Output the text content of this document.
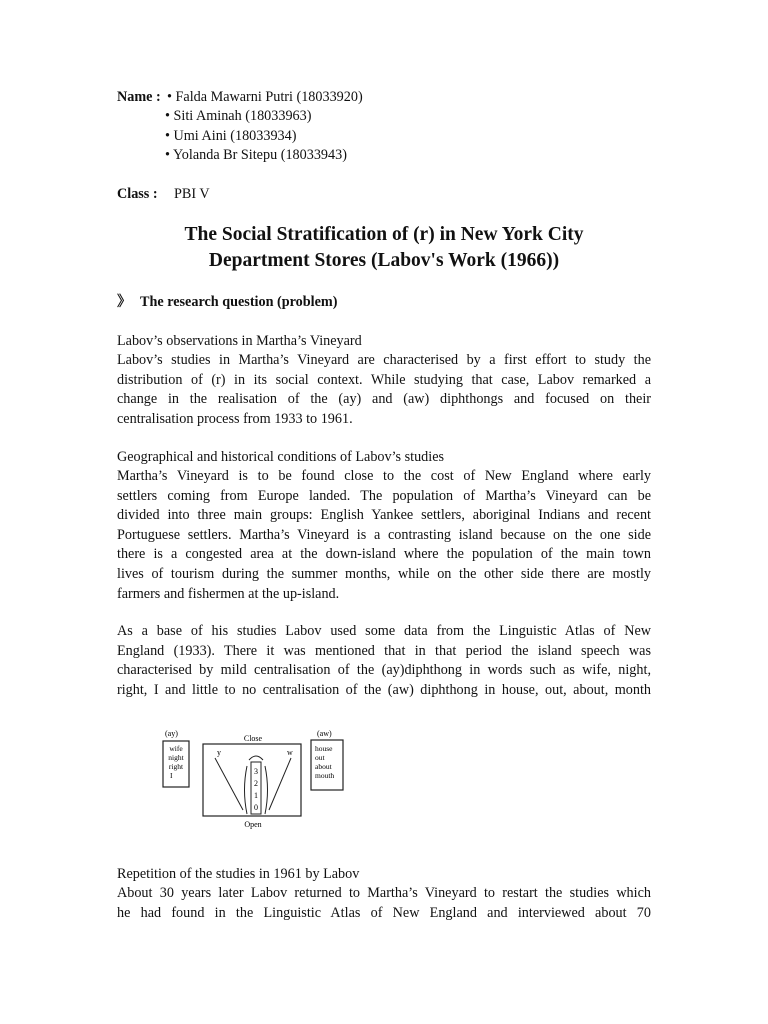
Name : • Falda Mawarni Putri (18033920)
• Siti Aminah (18033963)
• Umi Aini (18033934)
• Yolanda Br Sitepu (18033943)
Class : PBI V
The Social Stratification of (r) in New York City
Department Stores (Labov's Work (1966))
》 The research question (problem)
Labov’s observations in Martha’s Vineyard
Labov’s studies in Martha’s Vineyard are characterised by a first effort to study the
distribution of (r) in its social context. While studying that case, Labov remarked a
change in the realisation of the (ay) and (aw) diphthongs and focused on their
centralisation process from 1933 to 1961.
Geographical and historical conditions of Labov’s studies
Martha’s Vineyard is to be found close to the cost of New England where early
settlers coming from Europe landed. The population of Martha’s Vineyard can be
divided into three main groups: English Yankee settlers, aboriginal Indians and recent
Portuguese settlers. Martha’s Vineyard is a contrasting island because on the one side
there is a congested area at the down-island where the population of the main town
lives of tourism during the summer months, while on the other side there are mostly
farmers and fishermen at the up-island.
As a base of his studies Labov used some data from the Linguistic Atlas of New
England (1933). There it was mentioned that in that period the island speech was
characterised by mild centralisation of the (ay)diphthong in words such as wife, night,
right, I and little to no centralisation of the (aw) diphthong in house, out, about, month
(ay)
wife
night
right
I
Close
y	w
3
2
1
0
Open
(aw)
house
out
about
mouth
Repetition of the studies in 1961 by Labov
About 30 years later Labov returned to Martha’s Vineyard to restart the studies which
he had found in the Linguistic Atlas of New England and interviewed about 70
